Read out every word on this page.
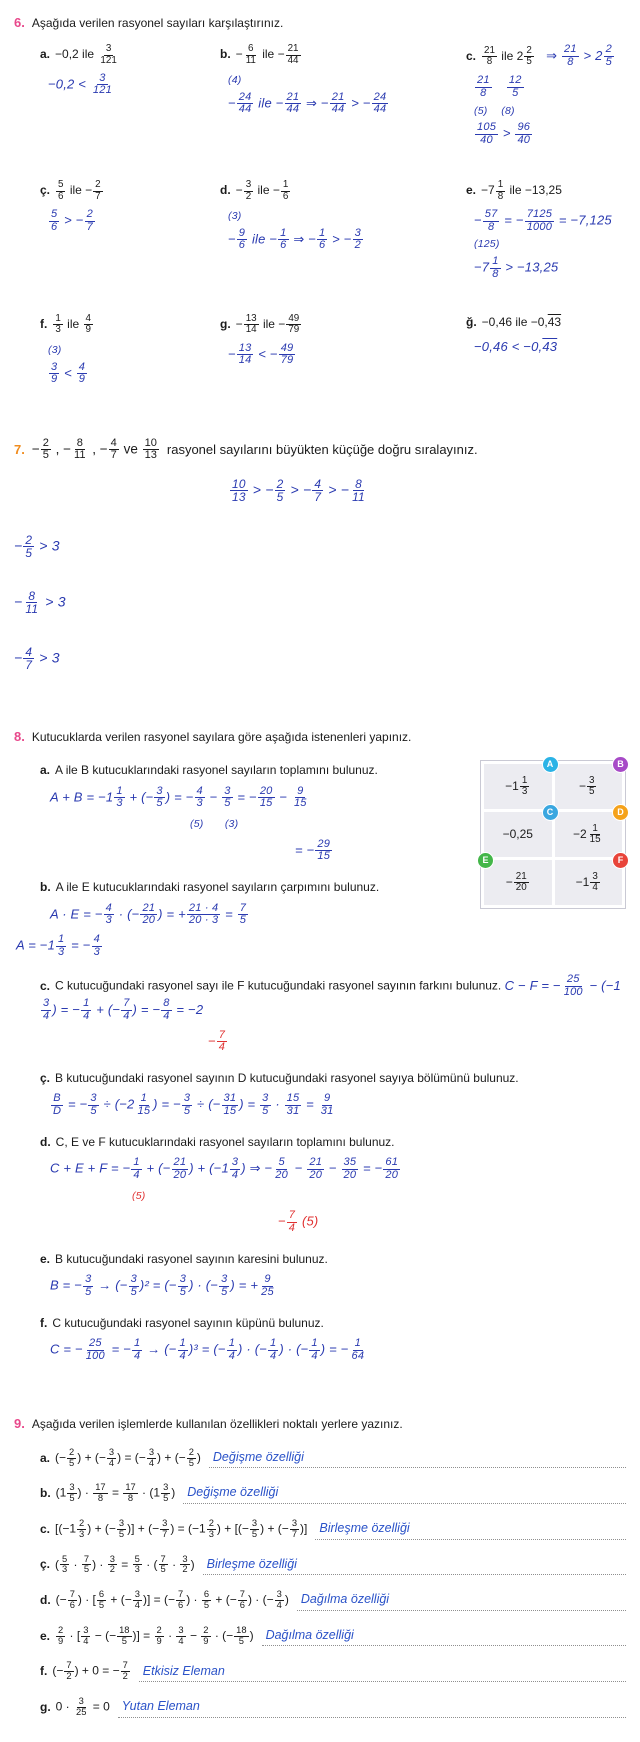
6. Aşağıda verilen rasyonel sayıları karşılaştırınız.
a. −0,2 ile $\frac{3}{121}$
$-0,2 < \frac{3}{121}$
b. − $\frac{6}{11}$ ile − $\frac{21}{44}$
(4)
− $\frac{24}{44}$ ile − $\frac{21}{44}$ ⇒ − $\frac{21}{44}$ > − $\frac{24}{44}$
c. $\frac{21}{8}$ ile $2 \frac{2}{5}$ ⇒ $\frac{21}{8} > 2 \frac{2}{5}$
$\frac{21}{8}$
  $\frac{12}{5}$
(5)  (8)
$\frac{105}{40} > \frac{96}{40}$
ç. $\frac{5}{6}$ ile − $\frac{2}{7}$
$\frac{5}{6}$ > − $\frac{2}{7}$
d. − $\frac{3}{2}$ ile − $\frac{1}{6}$
(3)
− $\frac{9}{6}$ ile − $\frac{1}{6}$ ⇒ − $\frac{1}{6}$ > − $\frac{3}{2}$
e. $-7 \frac{1}{8}$ ile −13,25
− $\frac{57}{8}$ = − $\frac{7125}{1000} = -7,125$
(125)
$-7 \frac{1}{8} > -13,25$
f. $\frac{1}{3}$ ile $\frac{4}{9}$
(3)
$\frac{3}{9} < \frac{4}{9}$
g. − $\frac{13}{14}$ ile − $\frac{49}{79}$
− $\frac{13}{14}$ < − $\frac{49}{79}$
ğ. −0,46 ile −0,43
−0,46 < −0,43
7. − $\frac{2}{5}$ , − $\frac{8}{11}$ , − $\frac{4}{7}$ ve $\frac{10}{13}$ rasyonel sayılarını büyükten küçüğe doğru sıralayınız.
$\frac{10}{13}$ > − $\frac{2}{5}$ > − $\frac{4}{7}$ > − $\frac{8}{11}$
− $\frac{2}{5} > 3$
− $\frac{8}{11} > 3$
− $\frac{4}{7} > 3$
8. Kutucuklarda verilen rasyonel sayılara göre aşağıda istenenleri yapınız.
A
$-1 \frac{1}{3}$
B
− $\frac{3}{5}$
C
−0,25
D
$-2 \frac{1}{15}$
E
− $\frac{21}{20}$
F
$-1 \frac{3}{4}$
a. A ile B kutucuklarındaki rasyonel sayıların toplamını bulunuz.
$A + B = -1 \frac{1}{3}$ + (− $\frac{3}{5}$ ) = − $\frac{4}{3} - \frac{3}{5}$ = − $\frac{20}{15} - \frac{9}{15}$
(5)  (3)
= − $\frac{29}{15}$
b. A ile E kutucuklarındaki rasyonel sayıların çarpımını bulunuz.
A · E = − $\frac{4}{3}$ · (− $\frac{21}{20}$ ) = + $\frac{21 \cdot 4}{20 \cdot 3} = \frac{7}{5}$
$A = -1 \frac{1}{3}$ = − $\frac{4}{3}$
c. C kutucuğundaki rasyonel sayı ile F kutucuğundaki rasyonel sayının farkını bulunuz. C − F = − $\frac{25}{100} - (-1$
$\frac{3}{4}$ ) = − $\frac{1}{4}$ + (− $\frac{7}{4}$ ) = − $\frac{8}{4} = -2$
− $\frac{7}{4}$
ç. B kutucuğundaki rasyonel sayının D kutucuğundaki rasyonel sayıya bölümünü bulunuz.
$\frac{B}{D}$ = − $\frac{3}{5} \div (-2 \frac{1}{15}$ ) = − $\frac{3}{5}$ ÷ (− $\frac{31}{15}$ ) = $\frac{3}{5} \cdot \frac{15}{31} = \frac{9}{31}$
d. C, E ve F kutucuklarındaki rasyonel sayıların toplamını bulunuz.
C + E + F = − $\frac{1}{4}$ + (− $\frac{21}{20}$ ) + ($-1 \frac{3}{4}$ ) ⇒ − $\frac{5}{20} - \frac{21}{20} - \frac{35}{20}$ = − $\frac{61}{20}$
(5)
− $\frac{7}{4} (5)$
e. B kutucuğundaki rasyonel sayının karesini bulunuz.
B = − $\frac{3}{5}$ → (− $\frac{3}{5} )^2$ = (− $\frac{3}{5}$ ) · (− $\frac{3}{5}$ ) = + $\frac{9}{25}$
f. C kutucuğundaki rasyonel sayının küpünü bulunuz.
C = − $\frac{25}{100}$ = − $\frac{1}{4}$ → (− $\frac{1}{4} )^3$ = (− $\frac{1}{4}$ ) · (− $\frac{1}{4}$ ) · (− $\frac{1}{4}$ ) = − $\frac{1}{64}$
9. Aşağıda verilen işlemlerde kullanılan özellikleri noktalı yerlere yazınız.
a. (− $\frac{2}{5}$ ) + (− $\frac{3}{4}$ ) = (− $\frac{3}{4}$ ) + (− $\frac{2}{5}$ ) Değişme özelliği
b. ($1 \frac{3}{5}$ ) · $\frac{17}{8} = \frac{17}{8} \cdot (1 \frac{3}{5}$ ) Değişme özelliği
c. [($-1 \frac{2}{3}$ ) + (− $\frac{3}{5}$ )] + (− $\frac{3}{7}$ ) = ($-1 \frac{2}{3}$ ) + [(− $\frac{3}{5}$ ) + (− $\frac{3}{7}$ )] Birleşme özelliği
ç. ( $\frac{5}{3} \cdot \frac{7}{5}$ ) · $\frac{3}{2} = \frac{5}{3}$ · ( $\frac{7}{5} \cdot \frac{3}{2}$ ) Birleşme özelliği
d. (− $\frac{7}{6}$ ) · [ $\frac{6}{5}$ + (− $\frac{3}{4}$ )] = (− $\frac{7}{6}$ ) · $\frac{6}{5}$ + (− $\frac{7}{6}$ ) · (− $\frac{3}{4}$ ) Dağılma özelliği
e. $\frac{2}{9}$ · [ $\frac{3}{4}$ − (− $\frac{18}{5}$ )] = $\frac{2}{9} \cdot \frac{3}{4} - \frac{2}{9}$ · (− $\frac{18}{5}$ ) Dağılma özelliği
f. (− $\frac{7}{2}$ ) + 0 = − $\frac{7}{2}$	Etkisiz Eleman
g. $0 \cdot \frac{3}{25} = 0$ Yutan Eleman
